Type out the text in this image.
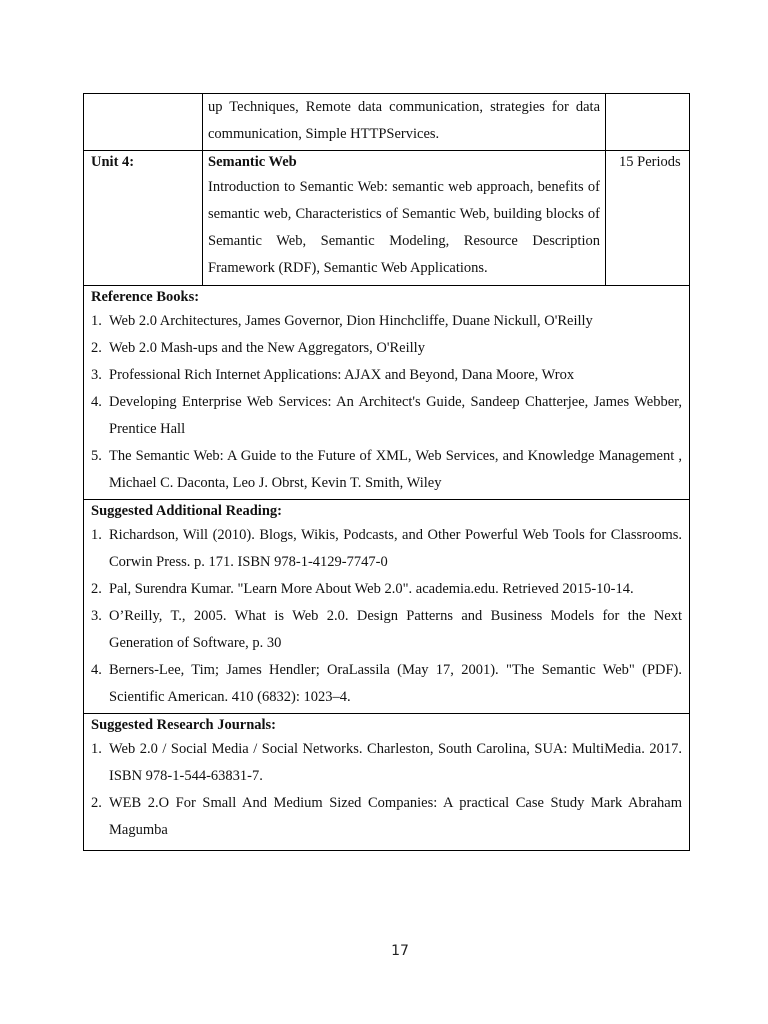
up Techniques, Remote data communication, strategies for data communication, Simple HTTPServices.
Unit 4:	Semantic Web
Introduction to Semantic Web: semantic web approach, benefits of semantic web, Characteristics of Semantic Web, building blocks of Semantic Web, Semantic Modeling, Resource Description Framework (RDF), Semantic Web Applications.
15 Periods
Reference Books:
1. Web 2.0 Architectures, James Governor, Dion Hinchcliffe, Duane Nickull, O'Reilly
2. Web 2.0 Mash-ups and the New Aggregators, O'Reilly
3. Professional Rich Internet Applications: AJAX and Beyond, Dana Moore, Wrox
4. Developing Enterprise Web Services: An Architect's Guide, Sandeep Chatterjee, James Webber, Prentice Hall
5. The Semantic Web: A Guide to the Future of XML, Web Services, and Knowledge Management , Michael C. Daconta, Leo J. Obrst, Kevin T. Smith, Wiley
Suggested Additional Reading:
1. Richardson, Will (2010). Blogs, Wikis, Podcasts, and Other Powerful Web Tools for Classrooms. Corwin Press. p. 171. ISBN 978-1-4129-7747-0
2. Pal, Surendra Kumar. "Learn More About Web 2.0". academia.edu. Retrieved 2015-10-14.
3. O’Reilly, T., 2005. What is Web 2.0. Design Patterns and Business Models for the Next Generation of Software, p. 30
4. Berners-Lee, Tim; James Hendler; OraLassila (May 17, 2001). "The Semantic Web" (PDF). Scientific American. 410 (6832): 1023–4.
Suggested Research Journals:
1. Web 2.0 / Social Media / Social Networks. Charleston, South Carolina, SUA: MultiMedia. 2017. ISBN 978-1-544-63831-7.
2. WEB 2.O For Small And Medium Sized Companies: A practical Case Study Mark Abraham Magumba
17
